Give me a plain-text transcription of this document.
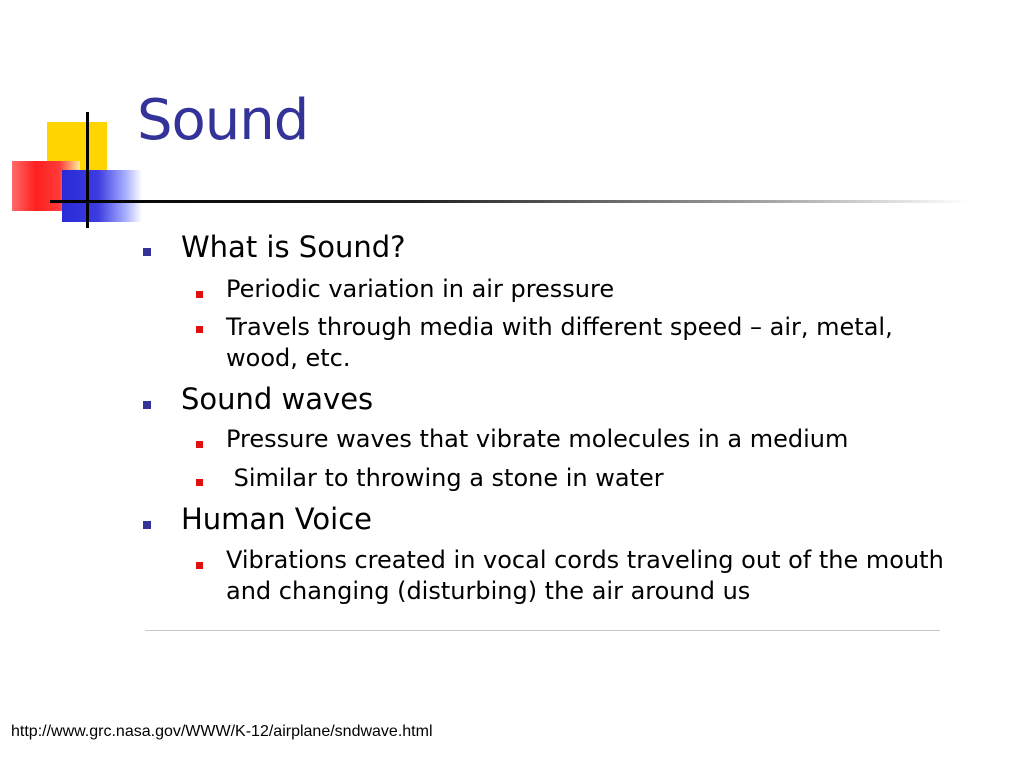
Sound
What is Sound?
Periodic variation in air pressure
Travels through media with different speed – air, metal, wood, etc.
Sound waves
Pressure waves that vibrate molecules in a medium
Similar to throwing a stone in water
Human Voice
Vibrations created in vocal cords traveling out of the mouth and changing (disturbing) the air around us
http://www.grc.nasa.gov/WWW/K-12/airplane/sndwave.html
